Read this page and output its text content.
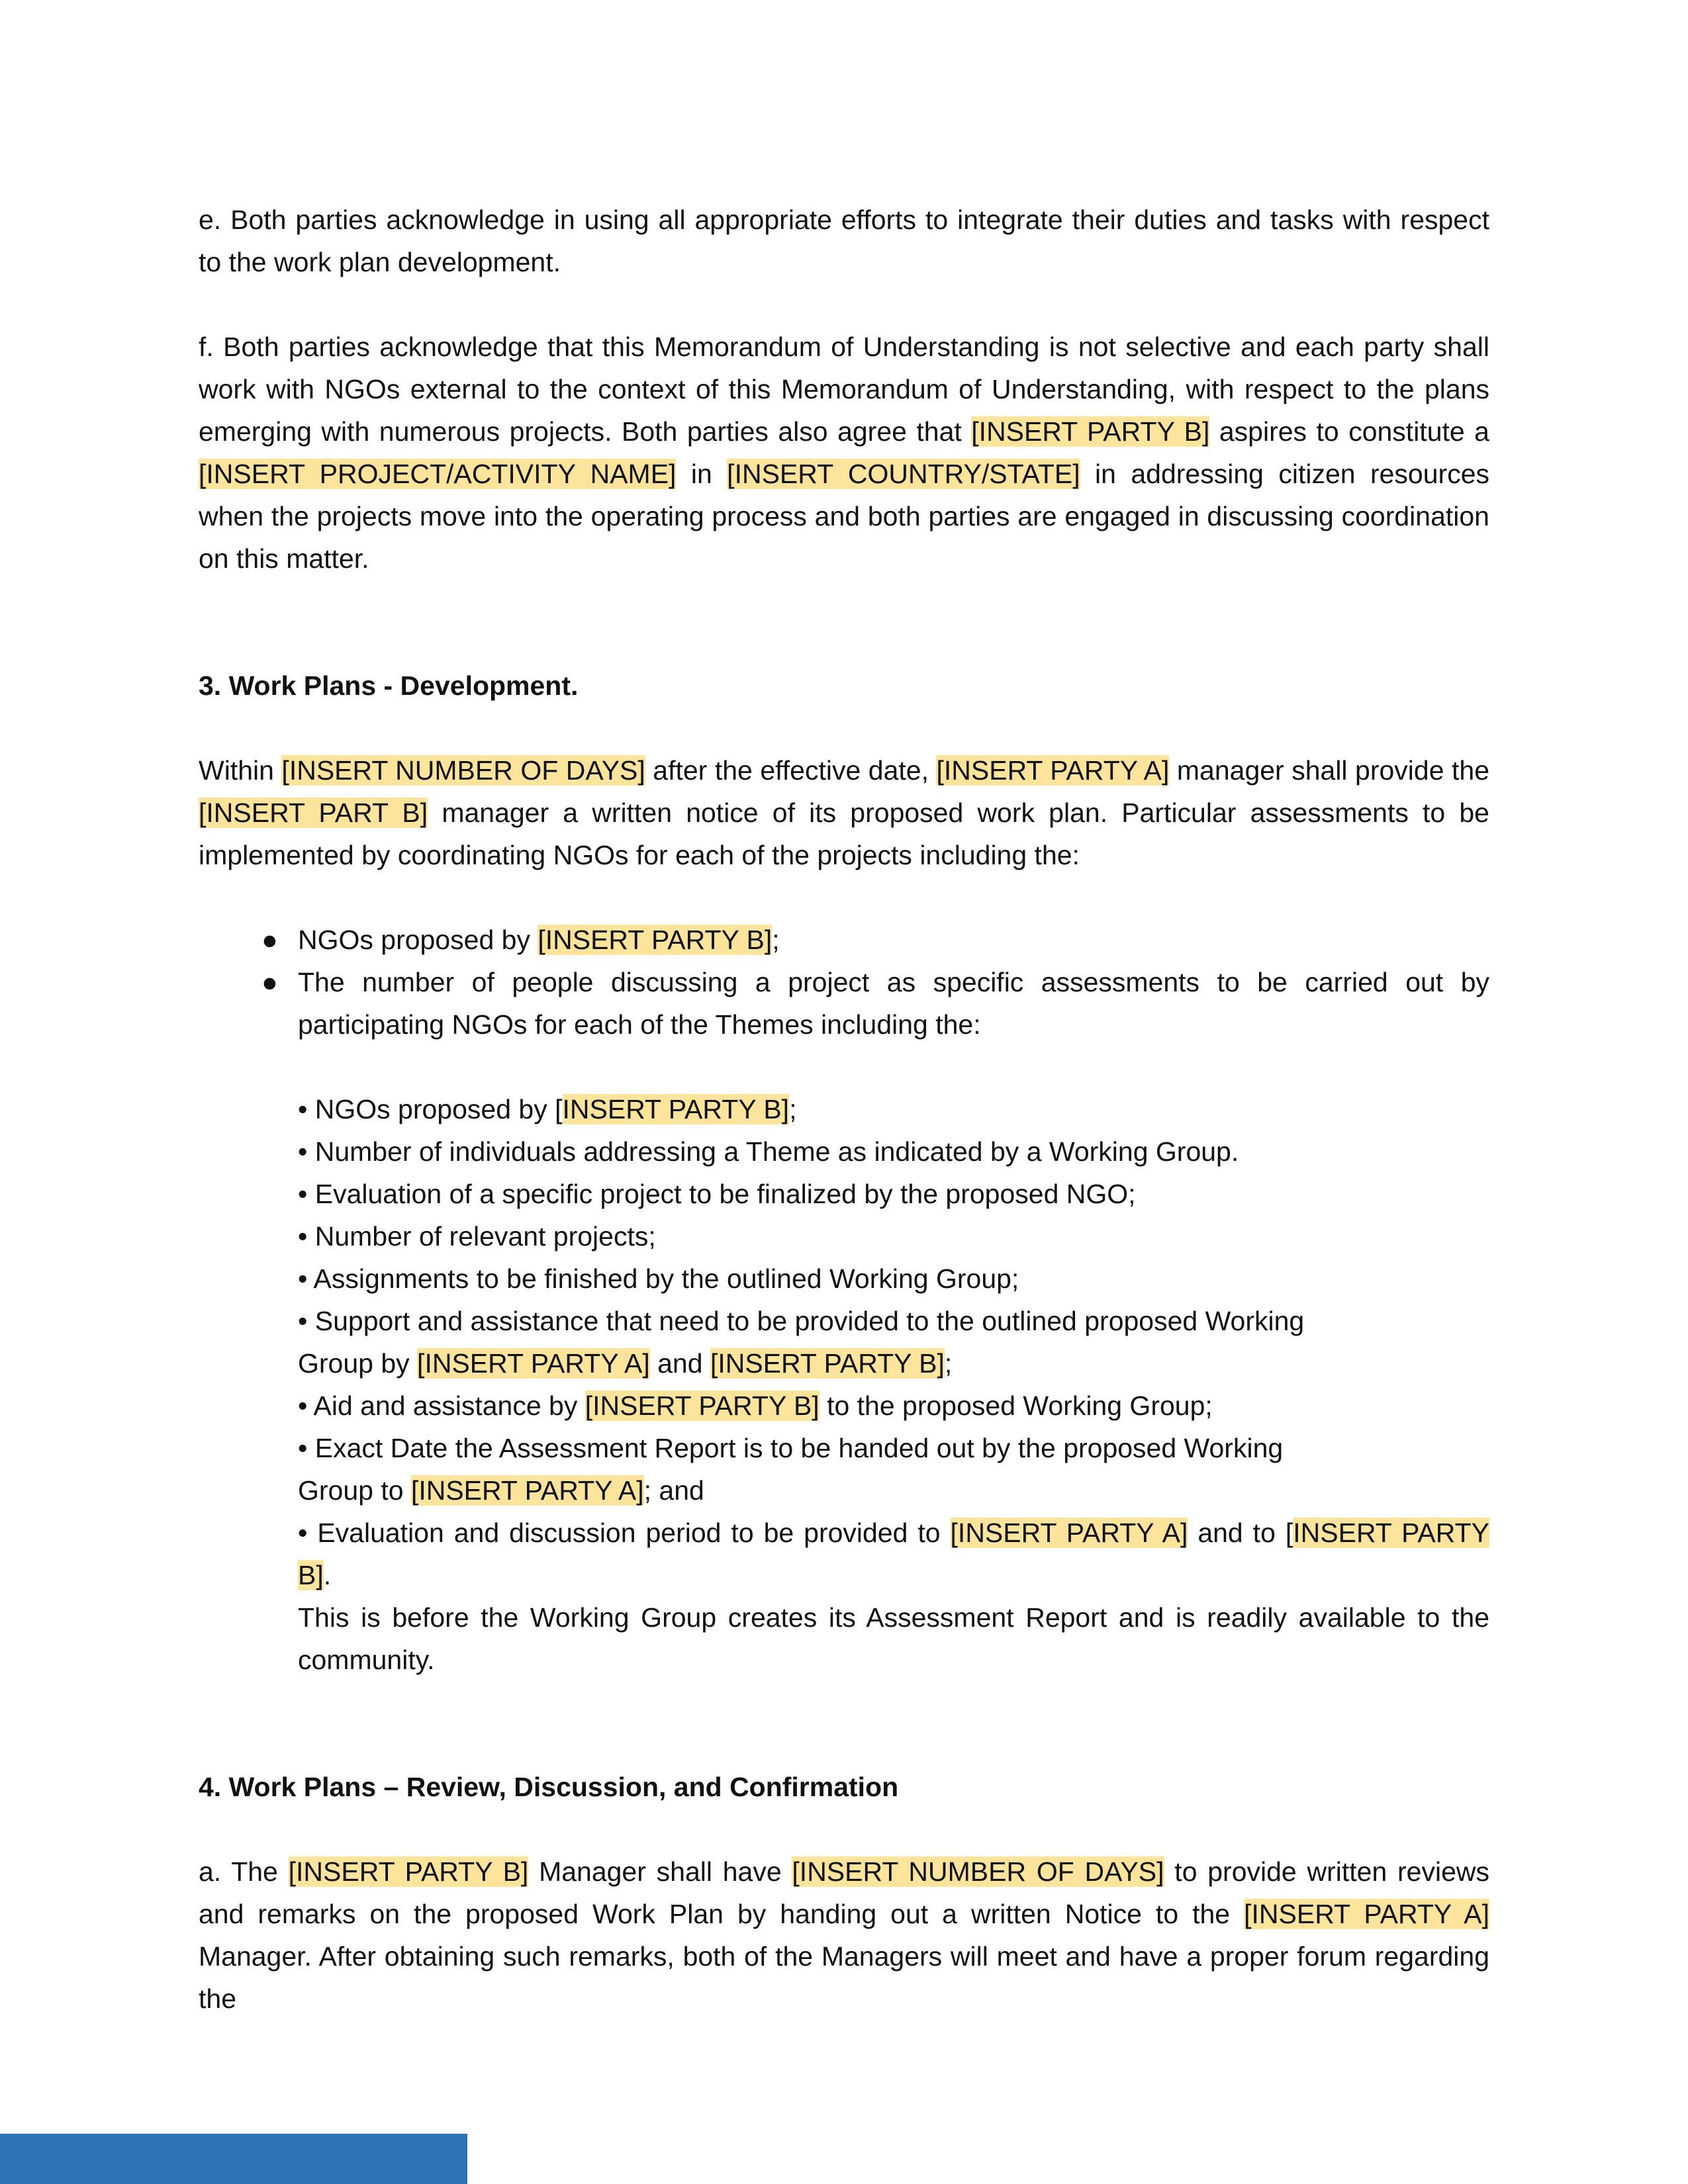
e. Both parties acknowledge in using all appropriate efforts to integrate their duties and tasks with respect to the work plan development.

f. Both parties acknowledge that this Memorandum of Understanding is not selective and each party shall work with NGOs external to the context of this Memorandum of Understanding, with respect to the plans emerging with numerous projects. Both parties also agree that [INSERT PARTY B] aspires to constitute a [INSERT PROJECT/ACTIVITY NAME] in [INSERT COUNTRY/STATE] in addressing citizen resources when the projects move into the operating process and both parties are engaged in discussing coordination on this matter.

3. Work Plans - Development.

Within [INSERT NUMBER OF DAYS] after the effective date, [INSERT PARTY A] manager shall provide the [INSERT PART B] manager a written notice of its proposed work plan. Particular assessments to be implemented by coordinating NGOs for each of the projects including the:

● NGOs proposed by [INSERT PARTY B];
● The number of people discussing a project as specific assessments to be carried out by participating NGOs for each of the Themes including the:

• NGOs proposed by [INSERT PARTY B];

• Number of individuals addressing a Theme as indicated by a Working Group.

• Evaluation of a specific project to be finalized by the proposed NGO;

• Number of relevant projects;

• Assignments to be finished by the outlined Working Group;

• Support and assistance that need to be provided to the outlined proposed Working

Group by [INSERT PARTY A] and [INSERT PARTY B];

• Aid and assistance by [INSERT PARTY B] to the proposed Working Group;

• Exact Date the Assessment Report is to be handed out by the proposed Working

Group to [INSERT PARTY A]; and

• Evaluation and discussion period to be provided to [INSERT PARTY A] and to [INSERT PARTY B].

This is before the Working Group creates its Assessment Report and is readily available to the community.

4. Work Plans – Review, Discussion, and Confirmation

a. The [INSERT PARTY B] Manager shall have [INSERT NUMBER OF DAYS] to provide written reviews and remarks on the proposed Work Plan by handing out a written Notice to the [INSERT PARTY A] Manager. After obtaining such remarks, both of the Managers will meet and have a proper forum regarding the
